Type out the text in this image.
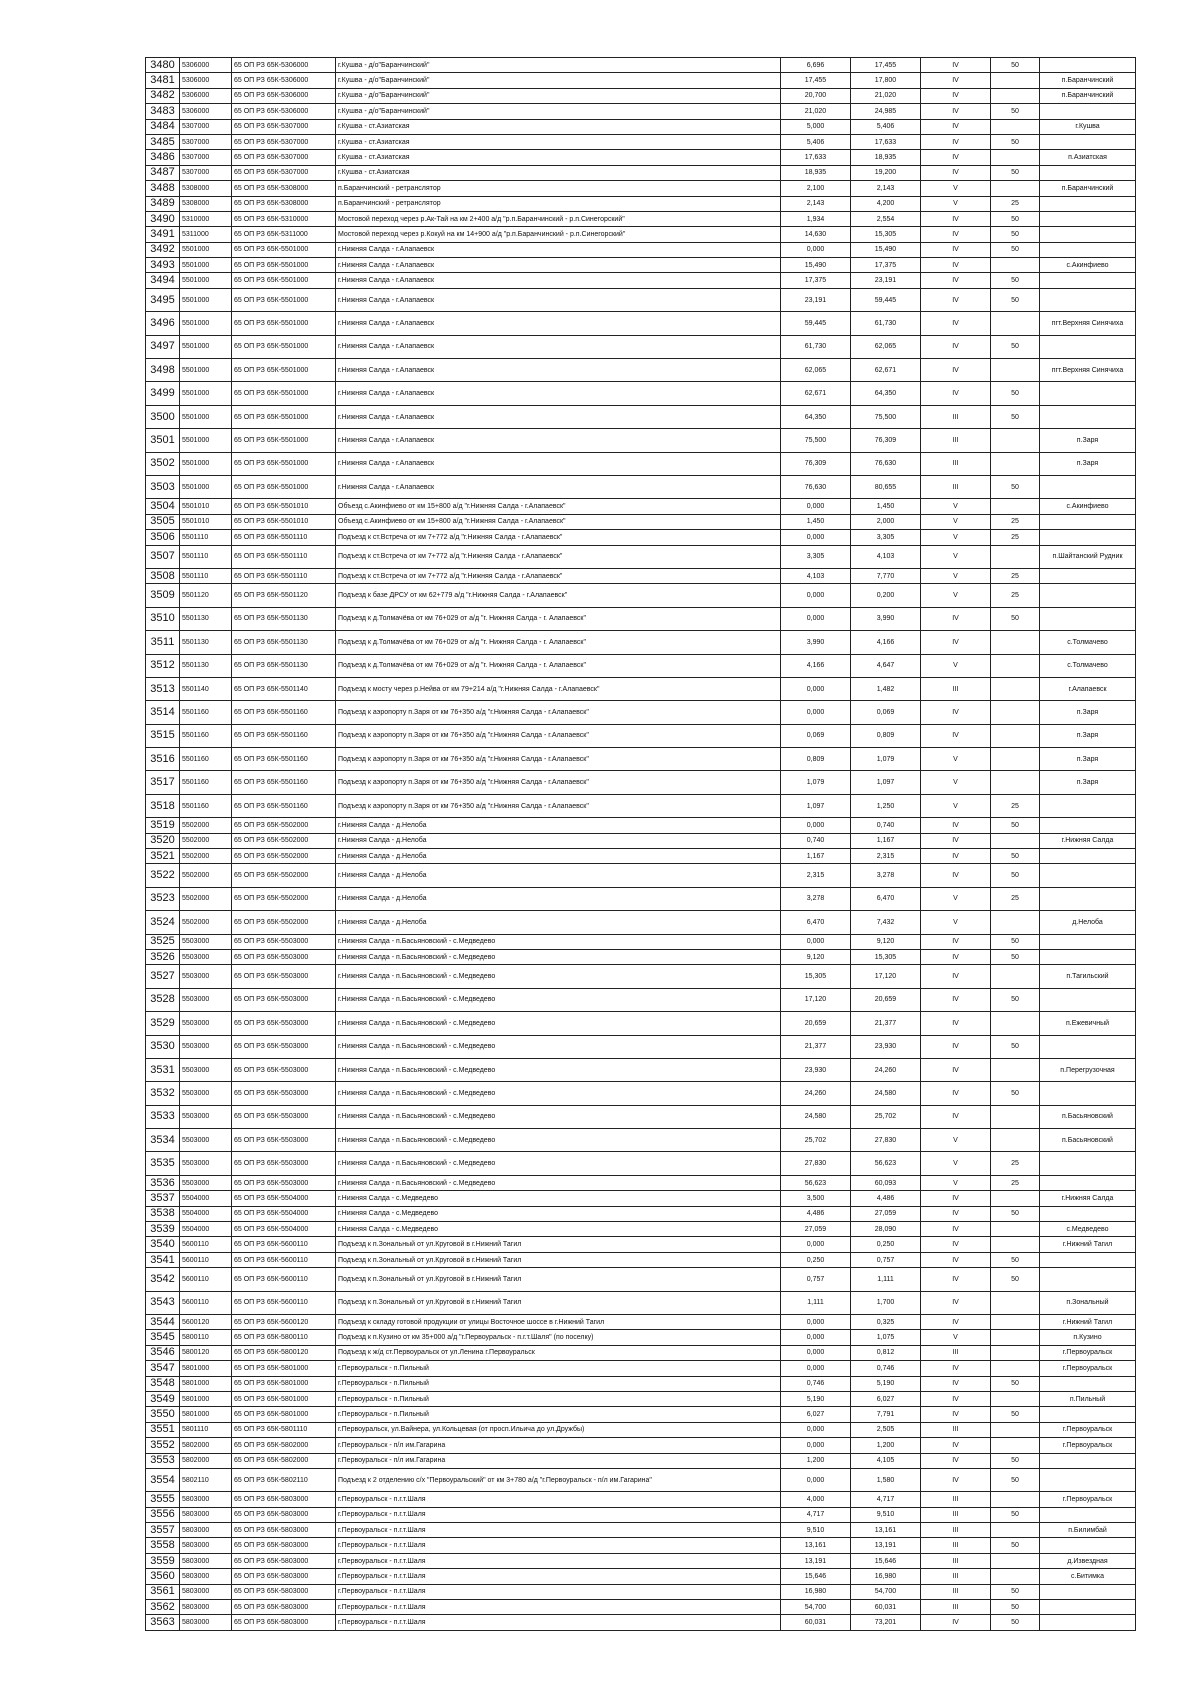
3480	5306000	65 ОП РЗ 65К-5306000	г.Кушва - д/о"Баранчинский"	6,696	17,455	IV	50	
3481	5306000	65 ОП РЗ 65К-5306000	г.Кушва - д/о"Баранчинский"	17,455	17,800	IV		п.Баранчинский
3482	5306000	65 ОП РЗ 65К-5306000	г.Кушва - д/о"Баранчинский"	20,700	21,020	IV		п.Баранчинский
3483	5306000	65 ОП РЗ 65К-5306000	г.Кушва - д/о"Баранчинский"	21,020	24,985	IV	50	
3484	5307000	65 ОП РЗ 65К-5307000	г.Кушва - ст.Азиатская	5,000	5,406	IV		г.Кушва
3485	5307000	65 ОП РЗ 65К-5307000	г.Кушва - ст.Азиатская	5,406	17,633	IV	50	
3486	5307000	65 ОП РЗ 65К-5307000	г.Кушва - ст.Азиатская	17,633	18,935	IV		п.Азиатская
3487	5307000	65 ОП РЗ 65К-5307000	г.Кушва - ст.Азиатская	18,935	19,200	IV	50	
3488	5308000	65 ОП РЗ 65К-5308000	п.Баранчинский - ретранслятор	2,100	2,143	V		п.Баранчинский
3489	5308000	65 ОП РЗ 65К-5308000	п.Баранчинский - ретранслятор	2,143	4,200	V	25	
3490	5310000	65 ОП РЗ 65К-5310000	Мостовой переход через р.Ак-Тай на км 2+400 а/д "р.п.Баранчинский - р.п.Синегорский"	1,934	2,554	IV	50	
3491	5311000	65 ОП РЗ 65К-5311000	Мостовой переход через р.Кокуй на км 14+900 а/д "р.п.Баранчинский - р.п.Синегорский"	14,630	15,305	IV	50	
3492	5501000	65 ОП РЗ 65К-5501000	г.Нижняя Салда - г.Алапаевск	0,000	15,490	IV	50	
3493	5501000	65 ОП РЗ 65К-5501000	г.Нижняя Салда - г.Алапаевск	15,490	17,375	IV		с.Акинфиево
3494	5501000	65 ОП РЗ 65К-5501000	г.Нижняя Салда - г.Алапаевск	17,375	23,191	IV	50	
3495	5501000	65 ОП РЗ 65К-5501000	г.Нижняя Салда - г.Алапаевск	23,191	59,445	IV	50	
3496	5501000	65 ОП РЗ 65К-5501000	г.Нижняя Салда - г.Алапаевск	59,445	61,730	IV		пгт.Верхняя Синячиха
3497	5501000	65 ОП РЗ 65К-5501000	г.Нижняя Салда - г.Алапаевск	61,730	62,065	IV	50	
3498	5501000	65 ОП РЗ 65К-5501000	г.Нижняя Салда - г.Алапаевск	62,065	62,671	IV		пгт.Верхняя Синячиха
3499	5501000	65 ОП РЗ 65К-5501000	г.Нижняя Салда - г.Алапаевск	62,671	64,350	IV	50	
3500	5501000	65 ОП РЗ 65К-5501000	г.Нижняя Салда - г.Алапаевск	64,350	75,500	III	50	
3501	5501000	65 ОП РЗ 65К-5501000	г.Нижняя Салда - г.Алапаевск	75,500	76,309	III		п.Заря
3502	5501000	65 ОП РЗ 65К-5501000	г.Нижняя Салда - г.Алапаевск	76,309	76,630	III		п.Заря
3503	5501000	65 ОП РЗ 65К-5501000	г.Нижняя Салда - г.Алапаевск	76,630	80,655	III	50	
3504	5501010	65 ОП РЗ 65К-5501010	Объезд с.Акинфиево от км 15+800 а/д "г.Нижняя Салда - г.Алапаевск"	0,000	1,450	V		с.Акинфиево
3505	5501010	65 ОП РЗ 65К-5501010	Объезд с.Акинфиево от км 15+800 а/д "г.Нижняя Салда - г.Алапаевск"	1,450	2,000	V	25	
3506	5501110	65 ОП РЗ 65К-5501110	Подъезд к ст.Встреча от км 7+772 а/д "г.Нижняя Салда - г.Алапаевск"	0,000	3,305	V	25	
3507	5501110	65 ОП РЗ 65К-5501110	Подъезд к ст.Встреча от км 7+772 а/д "г.Нижняя Салда - г.Алапаевск"	3,305	4,103	V		п.Шайтанский Рудник
3508	5501110	65 ОП РЗ 65К-5501110	Подъезд к ст.Встреча от км 7+772 а/д "г.Нижняя Салда - г.Алапаевск"	4,103	7,770	V	25	
3509	5501120	65 ОП РЗ 65К-5501120	Подъезд к базе ДРСУ от км 62+779 а/д "г.Нижняя Салда - г.Алапаевск"	0,000	0,200	V	25	
3510	5501130	65 ОП РЗ 65К-5501130	Подъезд к д.Толмачёва от км 76+029 от а/д "г. Нижняя Салда - г. Алапаевск"	0,000	3,990	IV	50	
3511	5501130	65 ОП РЗ 65К-5501130	Подъезд к д.Толмачёва от км 76+029 от а/д "г. Нижняя Салда - г. Алапаевск"	3,990	4,166	IV		с.Толмачево
3512	5501130	65 ОП РЗ 65К-5501130	Подъезд к д.Толмачёва от км 76+029 от а/д "г. Нижняя Салда - г. Алапаевск"	4,166	4,647	V		с.Толмачево
3513	5501140	65 ОП РЗ 65К-5501140	Подъезд к мосту через р.Нейва от км 79+214 а/д "г.Нижняя Салда - г.Алапаевск"	0,000	1,482	III		г.Алапаевск
3514	5501160	65 ОП РЗ 65К-5501160	Подъезд к аэропорту п.Заря от км 76+350 а/д "г.Нижняя Салда - г.Алапаевск"	0,000	0,069	IV		п.Заря
3515	5501160	65 ОП РЗ 65К-5501160	Подъезд к аэропорту п.Заря от км 76+350 а/д "г.Нижняя Салда - г.Алапаевск"	0,069	0,809	IV		п.Заря
3516	5501160	65 ОП РЗ 65К-5501160	Подъезд к аэропорту п.Заря от км 76+350 а/д "г.Нижняя Салда - г.Алапаевск"	0,809	1,079	V		п.Заря
3517	5501160	65 ОП РЗ 65К-5501160	Подъезд к аэропорту п.Заря от км 76+350 а/д "г.Нижняя Салда - г.Алапаевск"	1,079	1,097	V		п.Заря
3518	5501160	65 ОП РЗ 65К-5501160	Подъезд к аэропорту п.Заря от км 76+350 а/д "г.Нижняя Салда - г.Алапаевск"	1,097	1,250	V	25	
3519	5502000	65 ОП РЗ 65К-5502000	г.Нижняя Салда - д.Нелоба	0,000	0,740	IV	50	
3520	5502000	65 ОП РЗ 65К-5502000	г.Нижняя Салда - д.Нелоба	0,740	1,167	IV		г.Нижняя Салда
3521	5502000	65 ОП РЗ 65К-5502000	г.Нижняя Салда - д.Нелоба	1,167	2,315	IV	50	
3522	5502000	65 ОП РЗ 65К-5502000	г.Нижняя Салда - д.Нелоба	2,315	3,278	IV	50	
3523	5502000	65 ОП РЗ 65К-5502000	г.Нижняя Салда - д.Нелоба	3,278	6,470	V	25	
3524	5502000	65 ОП РЗ 65К-5502000	г.Нижняя Салда - д.Нелоба	6,470	7,432	V		д.Нелоба
3525	5503000	65 ОП РЗ 65К-5503000	г.Нижняя Салда - п.Басьяновский - с.Медведево	0,000	9,120	IV	50	
3526	5503000	65 ОП РЗ 65К-5503000	г.Нижняя Салда - п.Басьяновский - с.Медведево	9,120	15,305	IV	50	
3527	5503000	65 ОП РЗ 65К-5503000	г.Нижняя Салда - п.Басьяновский - с.Медведево	15,305	17,120	IV		п.Тагильский
3528	5503000	65 ОП РЗ 65К-5503000	г.Нижняя Салда - п.Басьяновский - с.Медведево	17,120	20,659	IV	50	
3529	5503000	65 ОП РЗ 65К-5503000	г.Нижняя Салда - п.Басьяновский - с.Медведево	20,659	21,377	IV		п.Ежевичный
3530	5503000	65 ОП РЗ 65К-5503000	г.Нижняя Салда - п.Басьяновский - с.Медведево	21,377	23,930	IV	50	
3531	5503000	65 ОП РЗ 65К-5503000	г.Нижняя Салда - п.Басьяновский - с.Медведево	23,930	24,260	IV		п.Перегрузочная
3532	5503000	65 ОП РЗ 65К-5503000	г.Нижняя Салда - п.Басьяновский - с.Медведево	24,260	24,580	IV	50	
3533	5503000	65 ОП РЗ 65К-5503000	г.Нижняя Салда - п.Басьяновский - с.Медведево	24,580	25,702	IV		п.Басьяновский
3534	5503000	65 ОП РЗ 65К-5503000	г.Нижняя Салда - п.Басьяновский - с.Медведево	25,702	27,830	V		п.Басьяновский
3535	5503000	65 ОП РЗ 65К-5503000	г.Нижняя Салда - п.Басьяновский - с.Медведево	27,830	56,623	V	25	
3536	5503000	65 ОП РЗ 65К-5503000	г.Нижняя Салда - п.Басьяновский - с.Медведево	56,623	60,093	V	25	
3537	5504000	65 ОП РЗ 65К-5504000	г.Нижняя Салда - с.Медведево	3,500	4,486	IV		г.Нижняя Салда
3538	5504000	65 ОП РЗ 65К-5504000	г.Нижняя Салда - с.Медведево	4,486	27,059	IV	50	
3539	5504000	65 ОП РЗ 65К-5504000	г.Нижняя Салда - с.Медведево	27,059	28,090	IV		с.Медведево
3540	5600110	65 ОП РЗ 65К-5600110	Подъезд к п.Зональный от ул.Круговой в г.Нижний Тагил	0,000	0,250	IV		г.Нижний Тагил
3541	5600110	65 ОП РЗ 65К-5600110	Подъезд к п.Зональный от ул.Круговой в г.Нижний Тагил	0,250	0,757	IV	50	
3542	5600110	65 ОП РЗ 65К-5600110	Подъезд к п.Зональный от ул.Круговой в г.Нижний Тагил	0,757	1,111	IV	50	
3543	5600110	65 ОП РЗ 65К-5600110	Подъезд к п.Зональный от ул.Круговой в г.Нижний Тагил	1,111	1,700	IV		п.Зональный
3544	5600120	65 ОП РЗ 65К-5600120	Подъезд к складу готовой продукции от улицы Восточное шоссе в г.Нижний Тагил	0,000	0,325	IV		г.Нижний Тагил
3545	5800110	65 ОП РЗ 65К-5800110	Подъезд к п.Кузино от км 35+000 а/д "г.Первоуральск - п.г.т.Шаля" (по поселку)	0,000	1,075	V		п.Кузино
3546	5800120	65 ОП РЗ 65К-5800120	Подъезд к ж/д ст.Первоуральск от ул.Ленина г.Первоуральск	0,000	0,812	III		г.Первоуральск
3547	5801000	65 ОП РЗ 65К-5801000	г.Первоуральск - п.Пильный	0,000	0,746	IV		г.Первоуральск
3548	5801000	65 ОП РЗ 65К-5801000	г.Первоуральск - п.Пильный	0,746	5,190	IV	50	
3549	5801000	65 ОП РЗ 65К-5801000	г.Первоуральск - п.Пильный	5,190	6,027	IV		п.Пильный
3550	5801000	65 ОП РЗ 65К-5801000	г.Первоуральск - п.Пильный	6,027	7,791	IV	50	
3551	5801110	65 ОП РЗ 65К-5801110	г.Первоуральск, ул.Вайнера, ул.Кольцевая (от просп.Ильича до ул.Дружбы)	0,000	2,505	III		г.Первоуральск
3552	5802000	65 ОП РЗ 65К-5802000	г.Первоуральск - п/л им.Гагарина	0,000	1,200	IV		г.Первоуральск
3553	5802000	65 ОП РЗ 65К-5802000	г.Первоуральск - п/л им.Гагарина	1,200	4,105	IV	50	
3554	5802110	65 ОП РЗ 65К-5802110	Подъезд к 2 отделению с/х "Первоуральский" от км 3+780 а/д "г.Первоуральск - п/л им.Гагарина"	0,000	1,580	IV	50	
3555	5803000	65 ОП РЗ 65К-5803000	г.Первоуральск - п.г.т.Шаля	4,000	4,717	III		г.Первоуральск
3556	5803000	65 ОП РЗ 65К-5803000	г.Первоуральск - п.г.т.Шаля	4,717	9,510	III	50	
3557	5803000	65 ОП РЗ 65К-5803000	г.Первоуральск - п.г.т.Шаля	9,510	13,161	III		п.Билимбай
3558	5803000	65 ОП РЗ 65К-5803000	г.Первоуральск - п.г.т.Шаля	13,161	13,191	III	50	
3559	5803000	65 ОП РЗ 65К-5803000	г.Первоуральск - п.г.т.Шаля	13,191	15,646	III		д.Извездная
3560	5803000	65 ОП РЗ 65К-5803000	г.Первоуральск - п.г.т.Шаля	15,646	16,980	III		с.Битимка
3561	5803000	65 ОП РЗ 65К-5803000	г.Первоуральск - п.г.т.Шаля	16,980	54,700	III	50	
3562	5803000	65 ОП РЗ 65К-5803000	г.Первоуральск - п.г.т.Шаля	54,700	60,031	III	50	
3563	5803000	65 ОП РЗ 65К-5803000	г.Первоуральск - п.г.т.Шаля	60,031	73,201	IV	50	
